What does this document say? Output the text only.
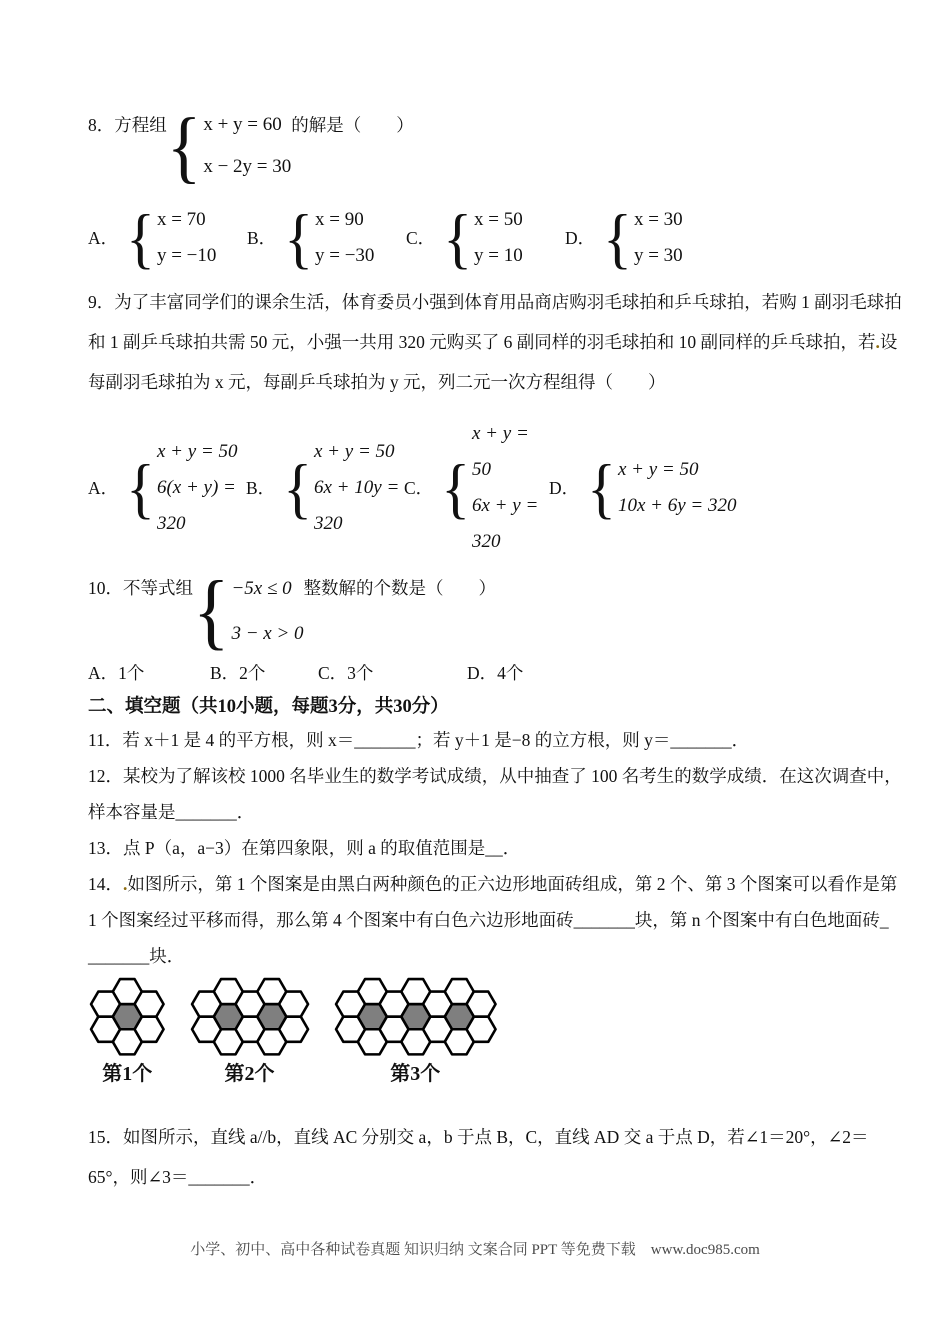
8．方程组 { x + y = 60
x − 2y = 30
的解是（　　）
A． { x = 70
y = −10
B． { x = 90
y = −30
C． { x = 50
y = 10
D． { x = 30
y = 30
9．为了丰富同学们的课余生活，体育委员小强到体育用品商店购羽毛球拍和乒乓球拍，若购 1 副羽毛球拍
和 1 副乒乓球拍共需 50 元，小强一共用 320 元购买了 6 副同样的羽毛球拍和 10 副同样的乒乓球拍，若.设
每副羽毛球拍为 x 元，每副乒乓球拍为 y 元，列二元一次方程组得（　　）
A． { x + y = 50
6(x + y) = 320
B． { x + y = 50
6x + 10y = 320
C． {
x + y = 50
6x + y = 320
D． { x + y = 50
10x + 6y = 320
10．不等式组 { −5x ≤ 0
3 − x > 0
整数解的个数是（　　）
A．1个	B．2个	C．3个	D．4个
二、填空题（共10小题，每题3分，共30分）
11．若 x＋1 是 4 的平方根，则 x＝_______；若 y＋1 是−8 的立方根，则 y＝_______．
12．某校为了解该校 1000 名毕业生的数学考试成绩，从中抽查了 100 名考生的数学成绩．在这次调查中，
样本容量是_______．
13．点 P（a，a−3）在第四象限，则 a 的取值范围是__．
14．.如图所示，第 1 个图案是由黑白两种颜色的正六边形地面砖组成，第 2 个、第 3 个图案可以看作是第
1 个图案经过平移而得，那么第 4 个图案中有白色六边形地面砖_______块，第 n 个图案中有白色地面砖_
_______块．
第1个	第2个	第3个
15．如图所示，直线 a//b，直线 AC 分别交 a，b 于点 B，C，直线 AD 交 a 于点 D，若∠1＝20°，∠2＝
65°，则∠3＝_______．
小学、初中、高中各种试卷真题 知识归纳 文案合同 PPT 等免费下载　www.doc985.com
